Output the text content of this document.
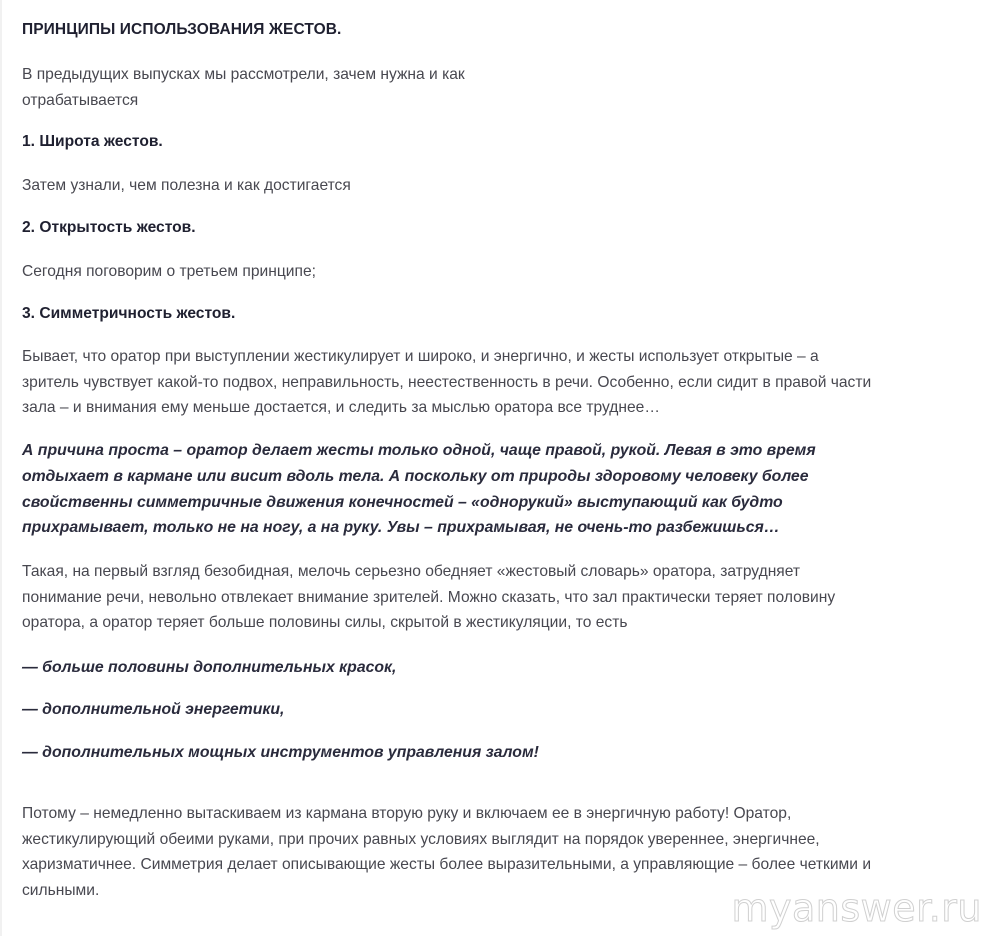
ПРИНЦИПЫ ИСПОЛЬЗОВАНИЯ ЖЕСТОВ.
В предыдущих выпусках мы рассмотрели, зачем нужна и как
отрабатывается
1. Широта жестов.
Затем узнали, чем полезна и как достигается
2. Открытость жестов.
Сегодня поговорим о третьем принципе;
3. Симметричность жестов.
Бывает, что оратор при выступлении жестикулирует и широко, и энергично, и жесты использует открытые – а
зритель чувствует какой-то подвох, неправильность, неестественность в речи. Особенно, если сидит в правой части
зала – и внимания ему меньше достается, и следить за мыслью оратора все труднее…
А причина проста – оратор делает жесты только одной, чаще правой, рукой. Левая в это время
отдыхает в кармане или висит вдоль тела. А поскольку от природы здоровому человеку более
свойственны симметричные движения конечностей – «однорукий» выступающий как будто
прихрамывает, только не на ногу, а на руку. Увы – прихрамывая, не очень-то разбежишься…
Такая, на первый взгляд безобидная, мелочь серьезно обедняет «жестовый словарь» оратора, затрудняет
понимание речи, невольно отвлекает внимание зрителей. Можно сказать, что зал практически теряет половину
оратора, а оратор теряет больше половины силы, скрытой в жестикуляции, то есть
— больше половины дополнительных красок,
— дополнительной энергетики,
— дополнительных мощных инструментов управления залом!
Потому – немедленно вытаскиваем из кармана вторую руку и включаем ее в энергичную работу! Оратор,
жестикулирующий обеими руками, при прочих равных условиях выглядит на порядок увереннее, энергичнее,
харизматичнее. Симметрия делает описывающие жесты более выразительными, а управляющие – более четкими и
сильными.	myanswer.ru
